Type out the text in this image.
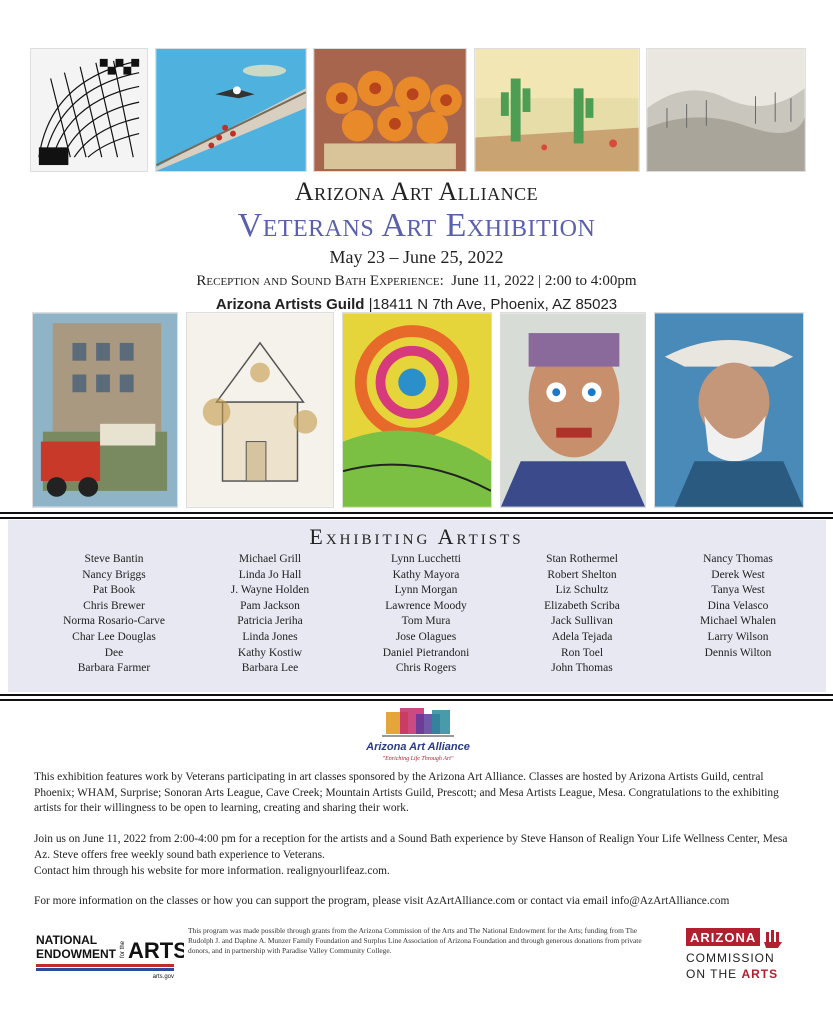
Arizona Art Alliance
Veterans Art Exhibition
May 23 – June 25, 2022
Reception and Sound Bath Experience: June 11, 2022 | 2:00 to 4:00pm
Arizona Artists Guild |18411 N 7th Ave, Phoenix, AZ 85023
Exhibiting Artists
Steve Bantin
Nancy Briggs
Pat Book
Chris Brewer
Norma Rosario-Carve
Char Lee Douglas
Dee
Barbara Farmer
Michael Grill
Linda Jo Hall
J. Wayne Holden
Pam Jackson
Patricia Jeriha
Linda Jones
Kathy Kostiw
Barbara Lee
Lynn Lucchetti
Kathy Mayora
Lynn Morgan
Lawrence Moody
Tom Mura
Jose Olagues
Daniel Pietrandoni
Chris Rogers
Stan Rothermel
Robert Shelton
Liz Schultz
Elizabeth Scriba
Jack Sullivan
Adela Tejada
Ron Toel
John Thomas
Nancy Thomas
Derek West
Tanya West
Dina Velasco
Michael Whalen
Larry Wilson
Dennis Wilton
Arizona Art Alliance
"Enriching Life Through Art"
This exhibition features work by Veterans participating in art classes sponsored by the Arizona Art Alliance. Classes are hosted by Arizona Artists Guild, central Phoenix; WHAM, Surprise; Sonoran Arts League, Cave Creek; Mountain Artists Guild, Prescott; and Mesa Artists League, Mesa. Congratulations to the exhibiting artists for their willingness to be open to learning, creating and sharing their work.
Join us on June 11, 2022 from 2:00-4:00 pm for a reception for the artists and a Sound Bath experience by Steve Hanson of Realign Your Life Wellness Center, Mesa Az. Steve offers free weekly sound bath experience to Veterans.
Contact him through his website for more information. realignyourlifeaz.com.
For more information on the classes or how you can support the program, please visit AzArtAlliance.com or contact via email info@AzArtAlliance.com
NATIONAL
ENDOWMENT for the ARTS
arts.gov
This program was made possible through grants from the Arizona Commission of the Arts and The National Endowment for the Arts; funding from The Rudolph J. and Daphne A. Munzer Family Foundation and Surplus Line Association of Arizona Foundation and through generous donations from private donors, and in partnership with Paradise Valley Community College.
ARIZONA
COMMISSION
ON THE ARTS
